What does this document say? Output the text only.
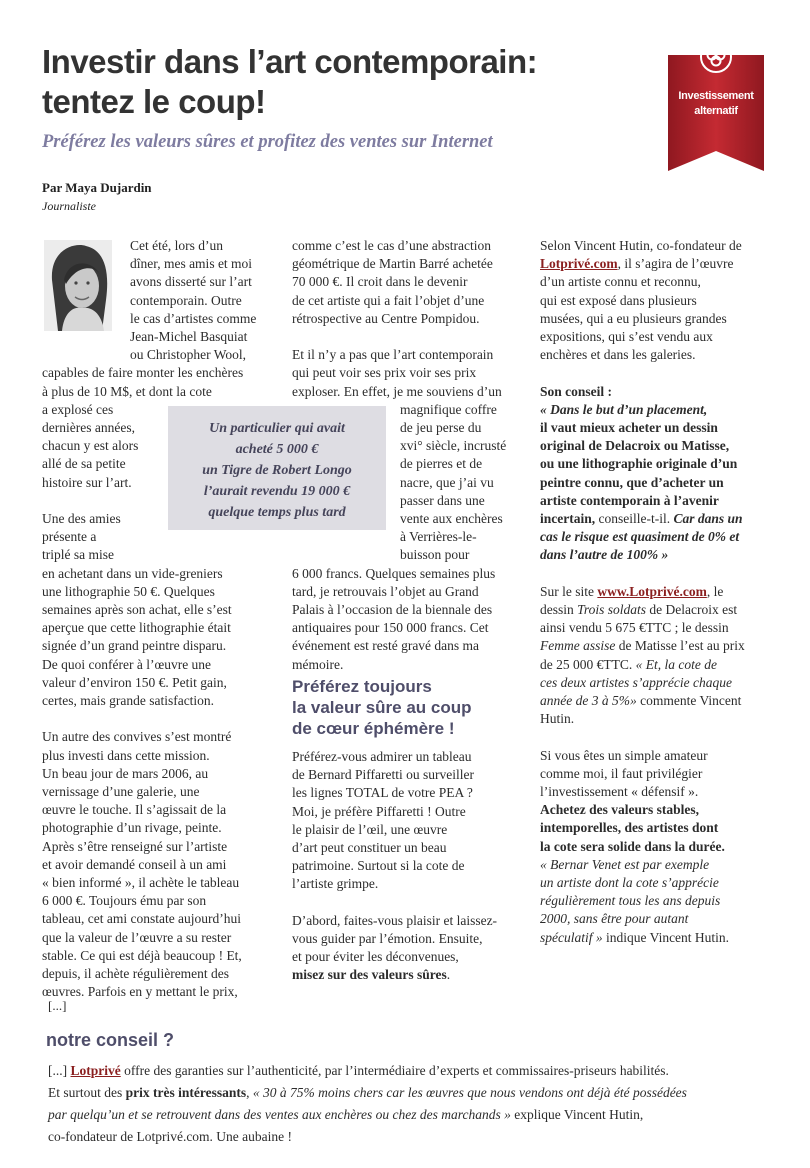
Investir dans l’art contemporain:
tentez le coup!
Préférez les valeurs sûres et profitez des ventes sur Internet
Par Maya Dujardin
Journaliste
Investissement
alternatif

Cet été, lors d’un

dîner, mes amis et moi

avons disserté sur l’art

contemporain. Outre

le cas d’artistes comme

Jean-Michel Basquiat

ou Christopher Wool,

capables de faire monter les enchères

à plus de 10 M$, et dont la cote

a explosé ces

dernières années,

chacun y est alors

allé de sa petite

histoire sur l’art.

Une des amies

présente a

triplé sa mise

en achetant dans un vide-greniers

une lithographie 50 €. Quelques

semaines après son achat, elle s’est

aperçue que cette lithographie était

signée d’un grand peintre disparu.

De quoi conférer à l’œuvre une

valeur d’environ 150 €. Petit gain,

certes, mais grande satisfaction.

Un autre des convives s’est montré

plus investi dans cette mission.

Un beau jour de mars 2006, au

vernissage d’une galerie, une

œuvre le touche. Il s’agissait de la

photographie d’un rivage, peinte.

Après s’être renseigné sur l’artiste

et avoir demandé conseil à un ami

« bien informé », il achète le tableau

6 000 €. Toujours ému par son

tableau, cet ami constate aujourd’hui

que la valeur de l’œuvre a su rester

stable. Ce qui est déjà beaucoup ! Et,

depuis, il achète régulièrement des

œuvres. Parfois en y mettant le prix,

Un particulier qui avait
acheté 5 000 €
un Tigre de Robert Longo
l’aurait revendu 19 000 €
quelque temps plus tard

comme c’est le cas d’une abstraction

géométrique de Martin Barré achetée

70 000 €. Il croit dans le devenir

de cet artiste qui a fait l’objet d’une

rétrospective au Centre Pompidou.

Et il n’y a pas que l’art contemporain

qui peut voir ses prix voir ses prix

exploser. En effet, je me souviens d’un

magnifique coffre

de jeu perse du

xvi° siècle, incrusté

de pierres et de

nacre, que j’ai vu

passer dans une

vente aux enchères

à Verrières-le-

buisson pour

6 000 francs. Quelques semaines plus

tard, je retrouvais l’objet au Grand

Palais à l’occasion de la biennale des

antiquaires pour 150 000 francs. Cet

événement est resté gravé dans ma

mémoire.

Préférez toujours
la valeur sûre au coup
de cœur éphémère !

Préférez-vous admirer un tableau

de Bernard Piffaretti ou surveiller

les lignes TOTAL de votre PEA ?

Moi, je préfère Piffaretti ! Outre

le plaisir de l’œil, une œuvre

d’art peut constituer un beau

patrimoine. Surtout si la cote de

l’artiste grimpe.

D’abord, faites-vous plaisir et laissez-

vous guider par l’émotion. Ensuite,

et pour éviter les déconvenues,

misez sur des valeurs sûres.

Selon Vincent Hutin, co-fondateur de

Lotprivé.com, il s’agira de l’œuvre

d’un artiste connu et reconnu,

qui est exposé dans plusieurs

musées, qui a eu plusieurs grandes

expositions, qui s’est vendu aux

enchères et dans les galeries.

Son conseil :

« Dans le but d’un placement,

il vaut mieux acheter un dessin

original de Delacroix ou Matisse,

ou une lithographie originale d’un

peintre connu, que d’acheter un

artiste contemporain à l’avenir

incertain, conseille-t-il. Car dans un

cas le risque est quasiment de 0% et

dans l’autre de 100% »

Sur le site www.Lotprivé.com, le

dessin Trois soldats de Delacroix est

ainsi vendu 5 675 €TTC ; le dessin

Femme assise de Matisse l’est au prix

de 25 000 €TTC. « Et, la cote de

ces deux artistes s’apprécie chaque

année de 3 à 5%» commente Vincent

Hutin.

Si vous êtes un simple amateur

comme moi, il faut privilégier

l’investissement « défensif ».

Achetez des valeurs stables,

intemporelles, des artistes dont

la cote sera solide dans la durée.

« Bernar Venet est par exemple

un artiste dont la cote s’apprécie

régulièrement tous les ans depuis

2000, sans être pour autant

spéculatif » indique Vincent Hutin.

[...]
notre conseil ?

[...] Lotprivé offre des garanties sur l’authenticité, par l’intermédiaire d’experts et commissaires-priseurs habilités.

Et surtout des prix très intéressants, « 30 à 75% moins chers car les œuvres que nous vendons ont déjà été possédées

par quelqu’un et se retrouvent dans des ventes aux enchères ou chez des marchands » explique Vincent Hutin,

co-fondateur de Lotprivé.com. Une aubaine !
